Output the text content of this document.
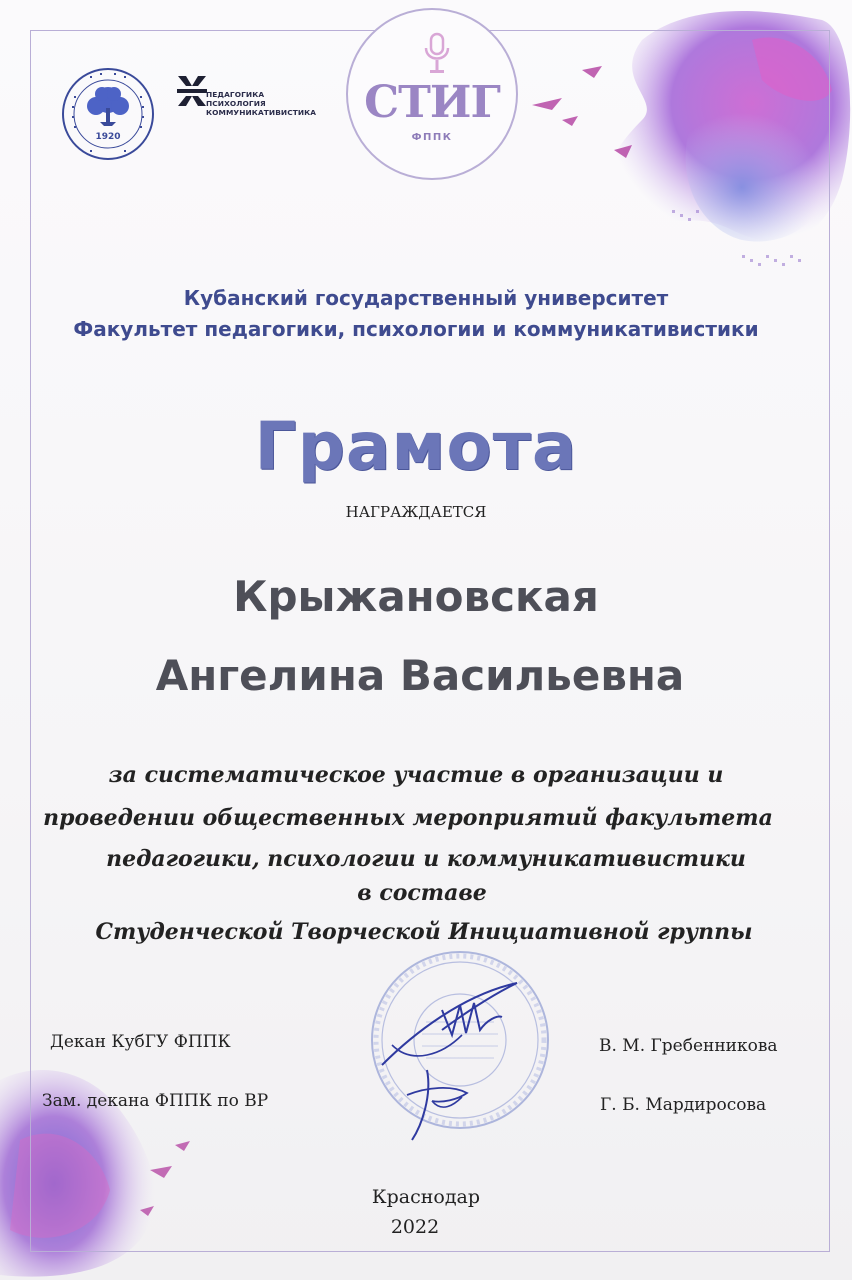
1920
ПЕДАГОГИКА ПСИХОЛОГИЯ
КОММУНИКАТИВИСТИКА	СТИГ
ФППК
Кубанский государственный университет
Факультет педагогики, психологии и коммуникативистики
Грамота
НАГРАЖДАЕТСЯ
Крыжановская
Ангелина Васильевна
за систематическое участие в организации и
проведении общественных мероприятий факультета
педагогики, психологии и коммуникативистики
в составе
Студенческой Творческой Инициативной группы
Декан КубГУ ФППК
Зам. декана ФППК по ВР
В. М. Гребенникова
Г. Б. Мардиросова
Краснодар
2022
